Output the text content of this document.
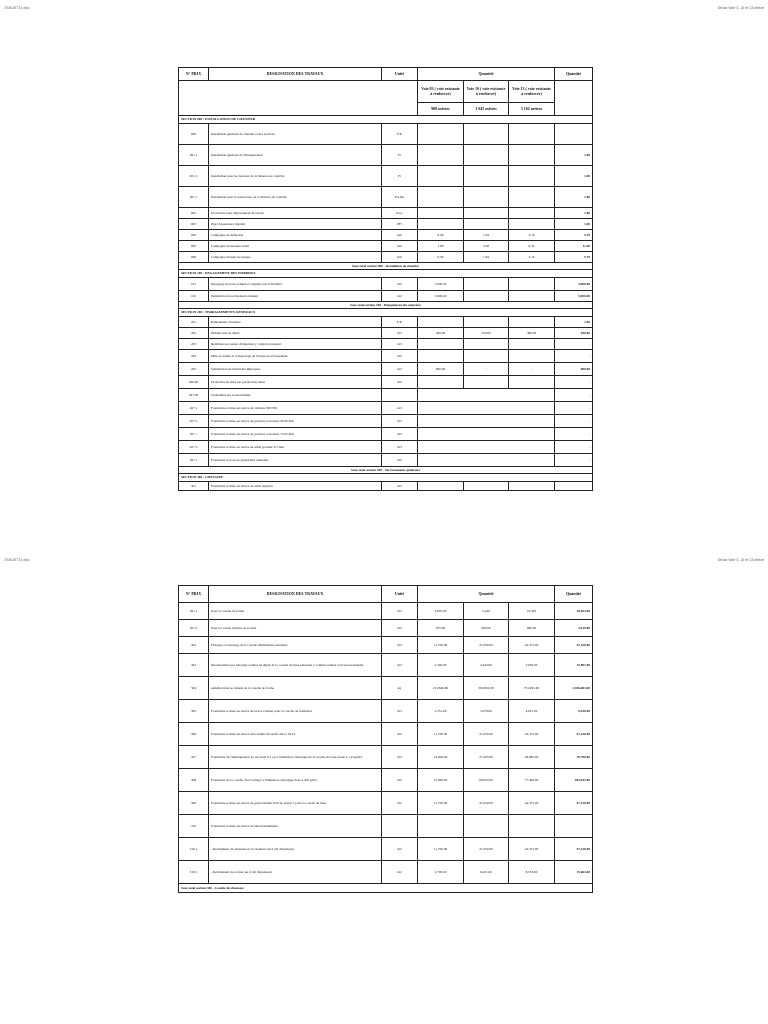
7040JS7T2.xlsx	Ghost Voie 3, 10 et 13 mtrice
N° PRIX	DESIGNATION DES TRAVAUX	Unité	Quantité			Quantité
			Voie 03 ( voie existante à renforcer)	Voie 10 ( voie existante à renforcer)	Voie 13 ( voie existante à renforcer)	
			900 mètres	1 645 mètres	3 162 mètres	
SECTION 000 : INSTALLATION DE CHANTIER						
000	Installation générale de chantier et des services	F/E				
001 a	Installation générale de l'Entrepreneur	Ft				1.00
001 b	Installation pour les bureaux de la mission de contrôle	Ft				1.00
001 c	Installation pour le laboratoire de la mission de contrôle	Forfait				1.00
002	Provisions pour déplacement de réseau	P.u.s				1.00
003	Plan d'Assurance Qualité	PFt				1.00
004	Campagne de déflexion	km	0.90	1.64	3.16	5.70
005	Campagne de mesures d'uni	km	1.80	3.28	6.32	11.40
006	Campagne d'essais de plaque	km	0.90	1.64	3.16	5.70
Sous total section 000 - installation de chantier						
SECTION 100 : DEGAGEMENT DES EMPRISES						
101	Décapage de terre polluée et végétale sur 0.20 mètre	m2	5,000.00			5,000.00
102	Démolition du revêtement existant	m2	5,900.00			5,900.00
Sous total section 100 - Dégagement des emprises						
SECTION 200 : TERRASSEMENTS GENERAUX						
201	Enlèvement d'ordures	F/E				1.00
202	Déblais mis en dépôt	m3	200.00	350.00	380.00	930.00
203	Remblais provenant d'emprunts y compris transport	m3				-
204	Mise en forme et compactage de l'assise de terrassement	m2				-
205	Substitution de matériaux impropres	m3	900.00	-	-	900.00
206.00	Protection de talus par perrés maçonnés	m2				-
207.00	Traitement des zones humide					-
207 a	Fourniture et mise en œuvre de cailloux 500/700	m3				-
207 b	Fourniture et mise en œuvre de graviers concassés 20/50 mm	m3				-
207 c	Fourniture et mise en œuvre de graviers concassés 15/25 mm	m3				-
207 d	Fourniture et mise en œuvre de sable grossier 2/5 mm	m3				-
207 e	Fourniture et pose de géotextiles drainants	m2				-
Sous total section 200 - Terrassements généraux						
SECTION 300 : CHAUSSEE						
301	Fourniture et mise en œuvre de sable argileux	m3				
7040JS7T2.xlsx	Ghost Voie 3, 10 et 13 mtrice
N° PRIX	DESIGNATION DES TRAVAUX	Unité	Quantité			Quantité
301 a	Pour la couche de forme	m3	2,970.00	5,429	10,435	18,833.00
301 b	Pour la couche d'assise de trottoir	m3	675.00	990.00	990.00	2,619.00
302	Fraisage ou rabotage de la couche bitumineuse existante	m2	11,700.00	21,050.00	24,372.00	57,126.00
303	Décaissement par rabotage et mise en dépôt de la couche de base existante y compris remise à niveau éventuelle	m3	2,340.00	4,432.00	3,659.00	15,891.00
304	Amélioration au ciment de la couche de forme	kg	213,840.00	390,852.00	751,991.00	1,356,683.00
305	Fourniture et mise en œuvre de Grave Ciment pour la couche de fondation	m3	1,351.00	3,078.00	4,021.00	9,450.00
306	Fourniture et mise en œuvre d'un enduit bicouche 4/6 et 10/14	m2	11,700.00	21,050.00	24,372.00	57,126.00
307	Fourniture de l'imprégnation au cut back 0/1 ou à l'émulsion cationique de la couche de base dosée à 1,2 kg/m2	m2	14,400.00	27,405.00	28,985.00	70,790.00
308	Fourniture de la couche d'accrochage à l'émulsion cationique dosé à 450 g/m2	m2	57,600.00	69,955.00	77,449.00	205,042.00
309	Fourniture et mise en œuvre de grave bitume 0/20 de classe 3 pour la couche de base	m2	11,700.00	21,050.00	24,372.00	57,126.00
310	Fourniture et mise en œuvre de béton bitumineux					
310 a	- Revêtement de chaussée et accotement sur 6 cm d'épaisseur	m2	11,700.00	21,050.00	24,372.00	57,126.00
310 b	- Revêtement de trottoir sur 4 cm d'épaisseur	m2	2,700.00	6,431.00	8,533.00	15,664.00
Sous total section 300 - Couche de chaussée						
